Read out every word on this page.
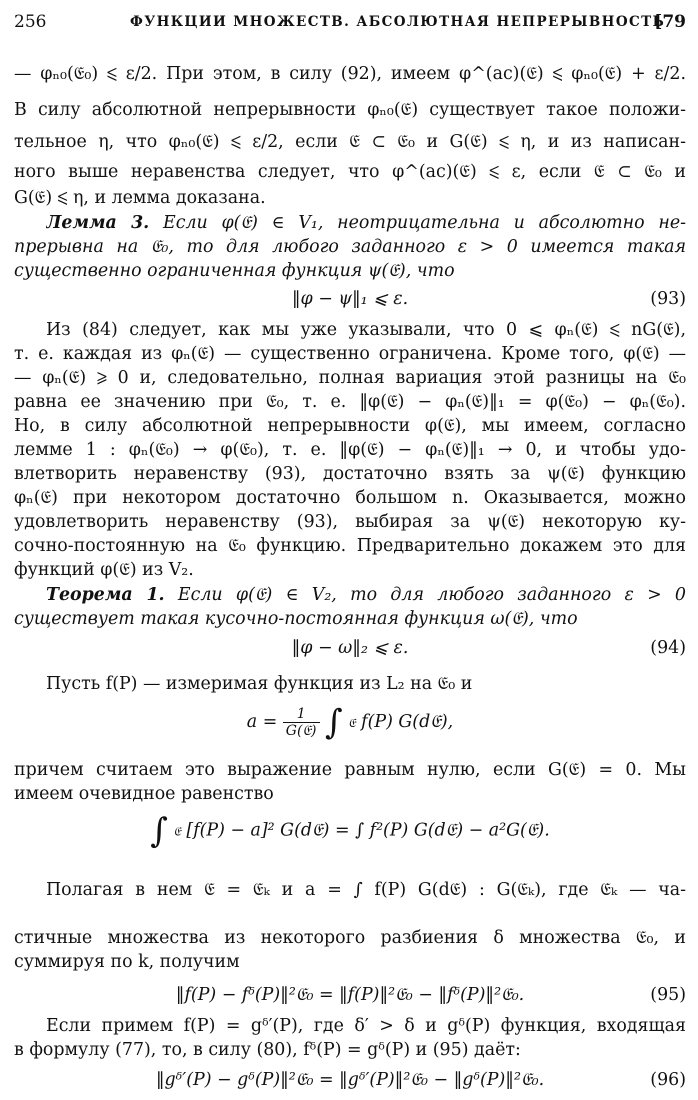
256	ФУНКЦИИ МНОЖЕСТВ. АБСОЛЮТНАЯ НЕПРЕРЫВНОСТЬ
[79
— φₙ₀(𝔈₀) ⩽ ε/2. При этом, в силу (92), имеем φ^(ac)(𝔈) ⩽ φₙ₀(𝔈) + ε/2.
В силу абсолютной непрерывности φₙ₀(𝔈) существует такое положи-
тельное η, что φₙ₀(𝔈) ⩽ ε/2, если 𝔈 ⊂ 𝔈₀ и G(𝔈) ⩽ η, и из написан-
ного выше неравенства следует, что φ^(ac)(𝔈) ⩽ ε, если 𝔈 ⊂ 𝔈₀ и
G(𝔈) ⩽ η, и лемма доказана.
Лемма 3. Если φ(𝔈) ∈ V₁, неотрицательна и абсолютно не-
прерывна на 𝔈₀, то для любого заданного ε > 0 имеется такая
существенно ограниченная функция ψ(𝔈), что
‖φ − ψ‖₁ ⩽ ε.	(93)
Из (84) следует, как мы уже указывали, что 0 ⩽ φₙ(𝔈) ⩽ nG(𝔈),
т. е. каждая из φₙ(𝔈) — существенно ограничена. Кроме того, φ(𝔈) —
— φₙ(𝔈) ⩾ 0 и, следовательно, полная вариация этой разницы на 𝔈₀
равна ее значению при 𝔈₀, т. е. ‖φ(𝔈) − φₙ(𝔈)‖₁ = φ(𝔈₀) − φₙ(𝔈₀).
Но, в силу абсолютной непрерывности φ(𝔈), мы имеем, согласно
лемме 1 : φₙ(𝔈₀) → φ(𝔈₀), т. е. ‖φ(𝔈) − φₙ(𝔈)‖₁ → 0, и чтобы удо-
влетворить неравенству (93), достаточно взять за ψ(𝔈) функцию
φₙ(𝔈) при некотором достаточно большом n. Оказывается, можно
удовлетворить неравенству (93), выбирая за ψ(𝔈) некоторую ку-
сочно-постоянную на 𝔈₀ функцию. Предварительно докажем это для
функций φ(𝔈) из V₂.
Теорема 1. Если φ(𝔈) ∈ V₂, то для любого заданного ε > 0
существует такая кусочно-постоянная функция ω(𝔈), что
‖φ − ω‖₂ ⩽ ε.	(94)
Пусть f(P) — измеримая функция из L₂ на 𝔈₀ и
$a = \frac{1}{\text{G(𝔈)}}$ ∫ 𝔈 f(P) G(d𝔈),
причем считаем это выражение равным нулю, если G(𝔈) = 0. Мы
имеем очевидное равенство
∫ 𝔈 [f(P) − a]² G(d𝔈) = ∫ f²(P) G(d𝔈) − a²G(𝔈).
Полагая в нем 𝔈 = 𝔈ₖ и a = ∫ f(P) G(d𝔈) : G(𝔈ₖ), где 𝔈ₖ — ча-
стичные множества из некоторого разбиения δ множества 𝔈₀, и
суммируя по k, получим
‖f(P) − fᵟ(P)‖²𝔈₀ = ‖f(P)‖²𝔈₀ − ‖fᵟ(P)‖²𝔈₀.	(95)
Если примем f(P) = gᵟ′(P), где δ′ > δ и gᵟ(P) функция, входящая
в формулу (77), то, в силу (80), fᵟ(P) = gᵟ(P) и (95) даёт:
‖gᵟ′(P) − gᵟ(P)‖²𝔈₀ = ‖gᵟ′(P)‖²𝔈₀ − ‖gᵟ(P)‖²𝔈₀.	(96)
